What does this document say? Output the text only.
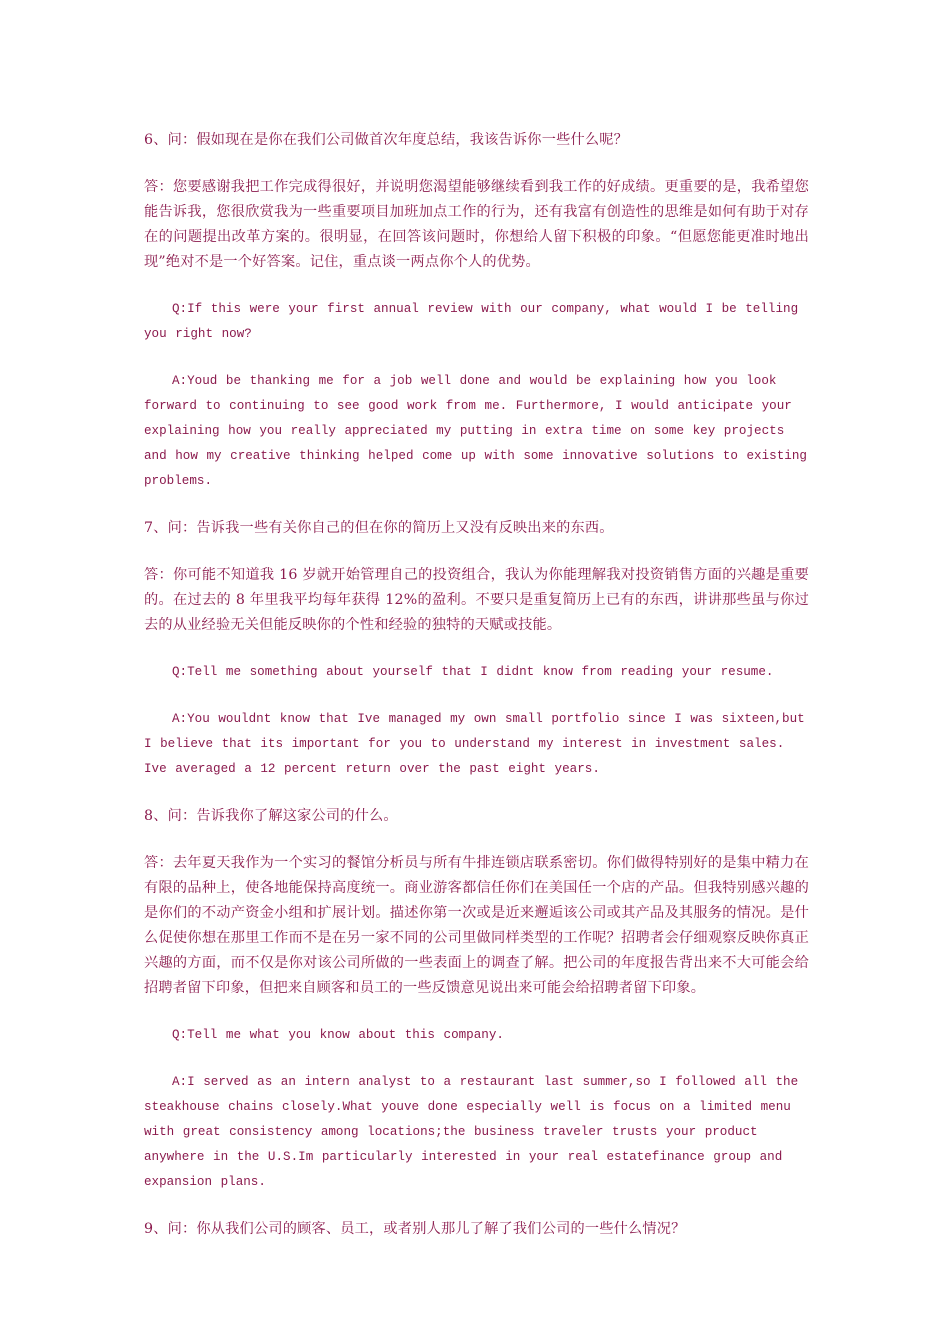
6、问：假如现在是你在我们公司做首次年度总结，我该告诉你一些什么呢？

答：您要感谢我把工作完成得很好，并说明您渴望能够继续看到我工作的好成绩。更重要的是，我希望您能告诉我，您很欣赏我为一些重要项目加班加点工作的行为，还有我富有创造性的思维是如何有助于对存在的问题提出改革方案的。很明显，在回答该问题时，你想给人留下积极的印象。“但愿您能更准时地出现”绝对不是一个好答案。记住，重点谈一两点你个人的优势。

Q:If this were your first annual review with our company, what would I be telling you right now?

A:Youd be thanking me for a job well done and would be explaining how you look forward to continuing to see good work from me. Furthermore, I would anticipate your explaining how you really appreciated my putting in extra time on some key projects and how my creative thinking helped come up with some innovative solutions to existing problems.

7、问：告诉我一些有关你自己的但在你的简历上又没有反映出来的东西。

答：你可能不知道我 16 岁就开始管理自己的投资组合，我认为你能理解我对投资销售方面的兴趣是重要的。在过去的 8 年里我平均每年获得 12%的盈利。不要只是重复简历上已有的东西，讲讲那些虽与你过去的从业经验无关但能反映你的个性和经验的独特的天赋或技能。

Q:Tell me something about yourself that I didnt know from reading your resume.

A:You wouldnt know that Ive managed my own small portfolio since I was sixteen,but I believe that its important for you to understand my interest in investment sales. Ive averaged a 12 percent return over the past eight years.

8、问：告诉我你了解这家公司的什么。

答：去年夏天我作为一个实习的餐馆分析员与所有牛排连锁店联系密切。你们做得特别好的是集中精力在有限的品种上，使各地能保持高度统一。商业游客都信任你们在美国任一个店的产品。但我特别感兴趣的是你们的不动产资金小组和扩展计划。描述你第一次或是近来邂逅该公司或其产品及其服务的情况。是什么促使你想在那里工作而不是在另一家不同的公司里做同样类型的工作呢？招聘者会仔细观察反映你真正兴趣的方面，而不仅是你对该公司所做的一些表面上的调查了解。把公司的年度报告背出来不大可能会给招聘者留下印象，但把来自顾客和员工的一些反馈意见说出来可能会给招聘者留下印象。

Q:Tell me what you know about this company.

A:I served as an intern analyst to a restaurant last summer,so I followed all the steakhouse chains closely.What youve done especially well is focus on a limited menu with great consistency among locations;the business traveler trusts your product anywhere in the U.S.Im particularly interested in your real estatefinance group and expansion plans.

9、问：你从我们公司的顾客、员工，或者别人那儿了解了我们公司的一些什么情况？
